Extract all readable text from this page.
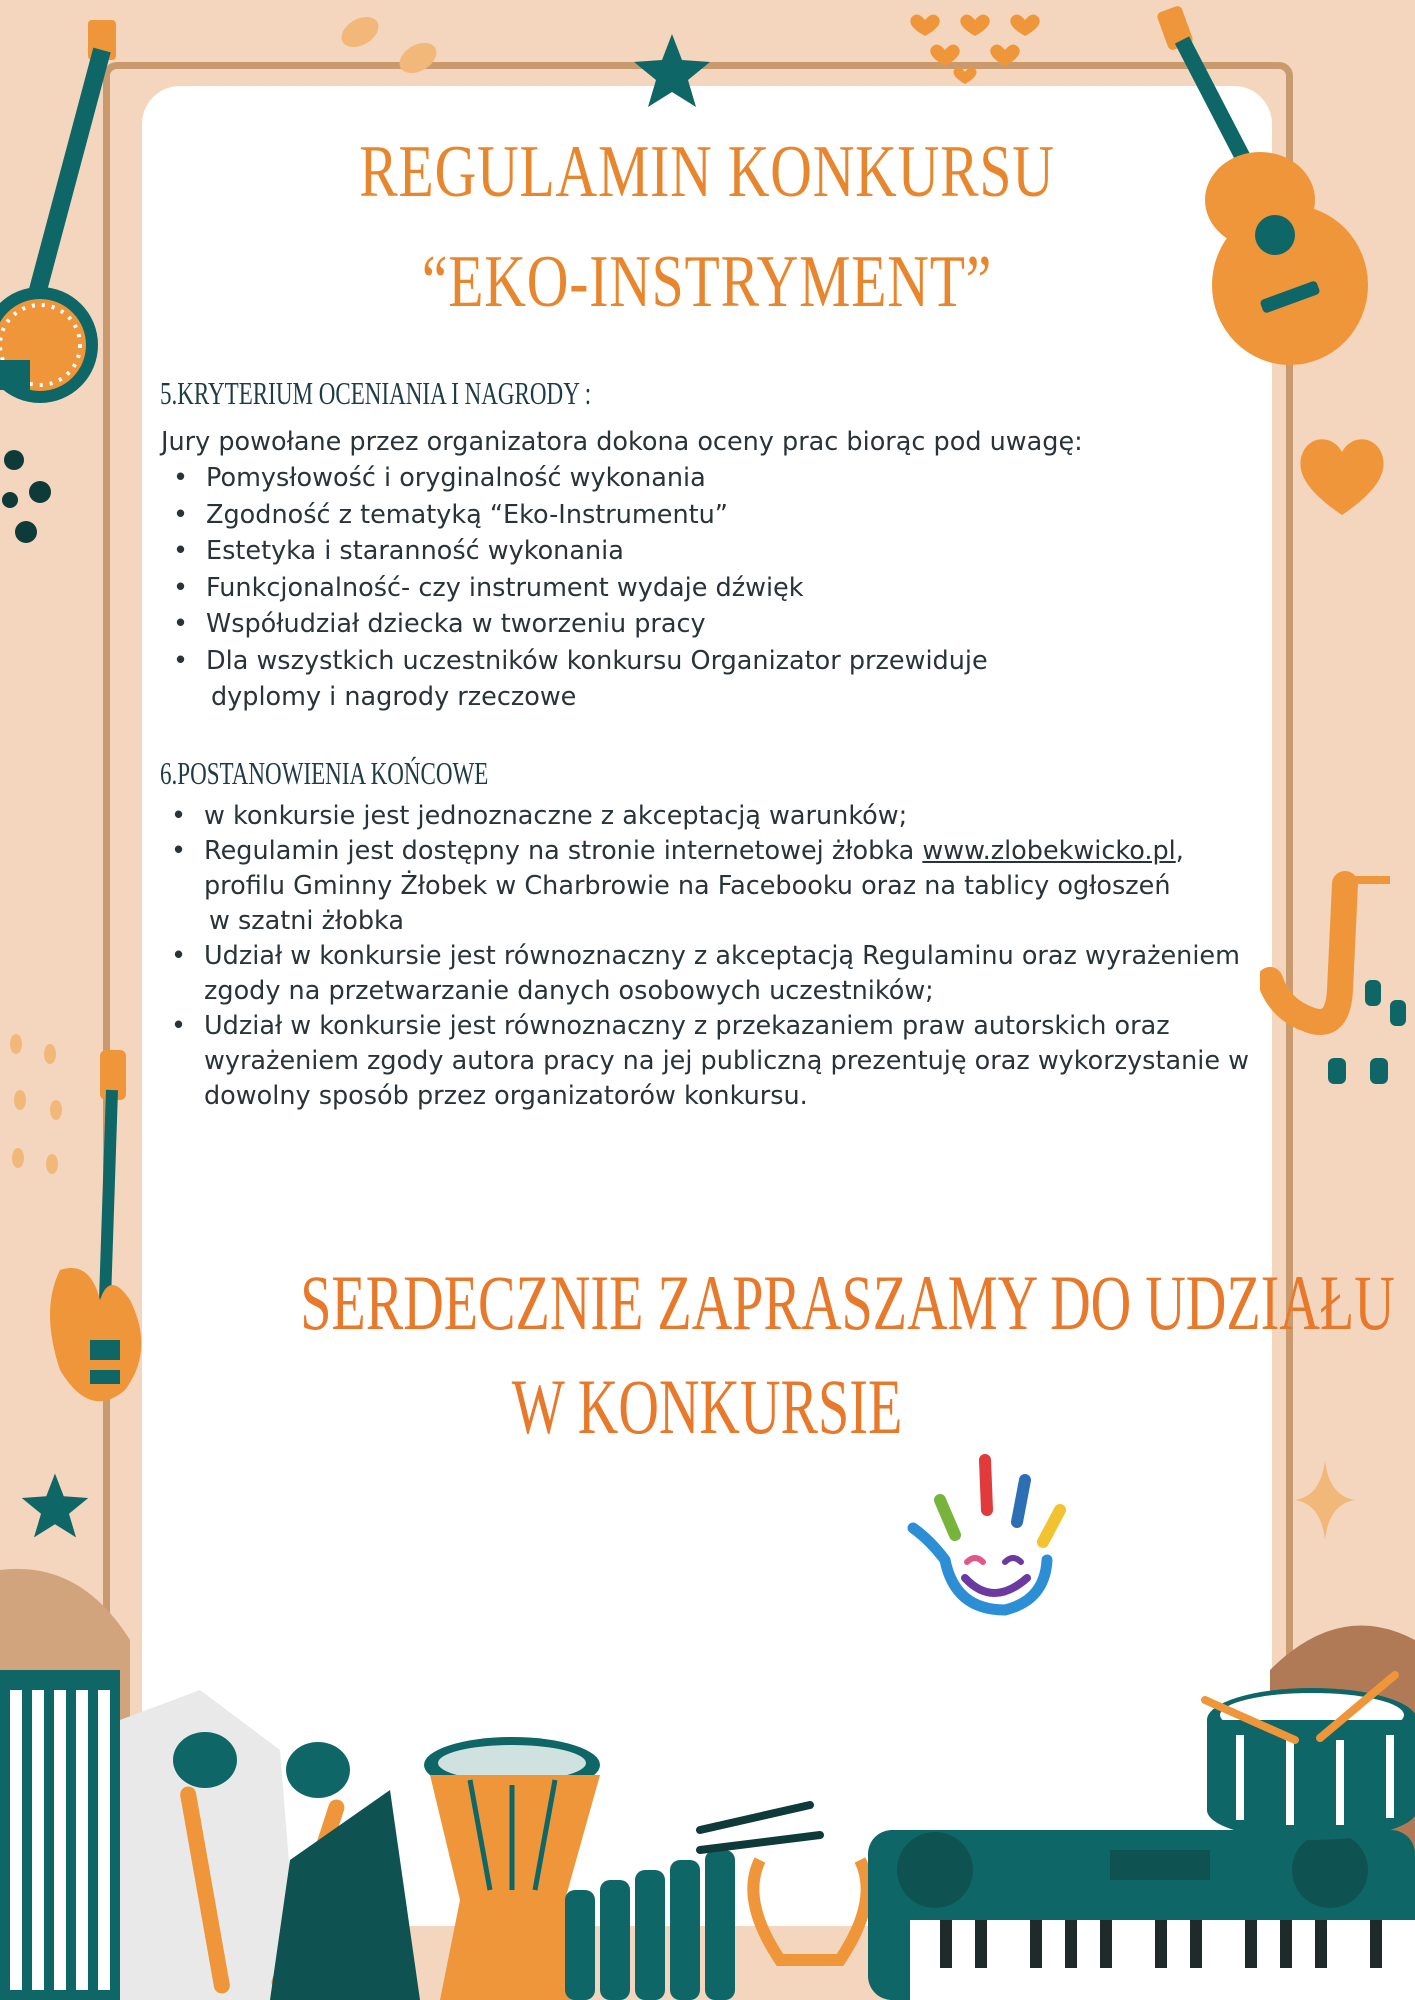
REGULAMIN KONKURSU
“EKO-INSTRYMENT”
5.KRYTERIUM OCENIANIA I NAGRODY :

Jury powołane przez organizatora dokona oceny prac biorąc pod uwagę:

• Pomysłowość i oryginalność wykonania
• Zgodność z tematyką “Eko-Instrumentu”
• Estetyka i staranność wykonania
• Funkcjonalność- czy instrument wydaje dźwięk
• Współudział dziecka w tworzeniu pracy
• Dla wszystkich uczestników konkursu Organizator przewiduje
dyplomy i nagrody rzeczowe
6.POSTANOWIENIA KOŃCOWE
• w konkursie jest jednoznaczne z akceptacją warunków;
• Regulamin jest dostępny na stronie internetowej żłobka www.zlobekwicko.pl,
profilu Gminny Żłobek w Charbrowie na Facebooku oraz na tablicy ogłoszeń
w szatni żłobka
• Udział w konkursie jest równoznaczny z akceptacją Regulaminu oraz wyrażeniem
zgody na przetwarzanie danych osobowych uczestników;
• Udział w konkursie jest równoznaczny z przekazaniem praw autorskich oraz
wyrażeniem zgody autora pracy na jej publiczną prezentuję oraz wykorzystanie w
dowolny sposób przez organizatorów konkursu.
SERDECZNIE ZAPRASZAMY DO UDZIAŁU
W KONKURSIE
